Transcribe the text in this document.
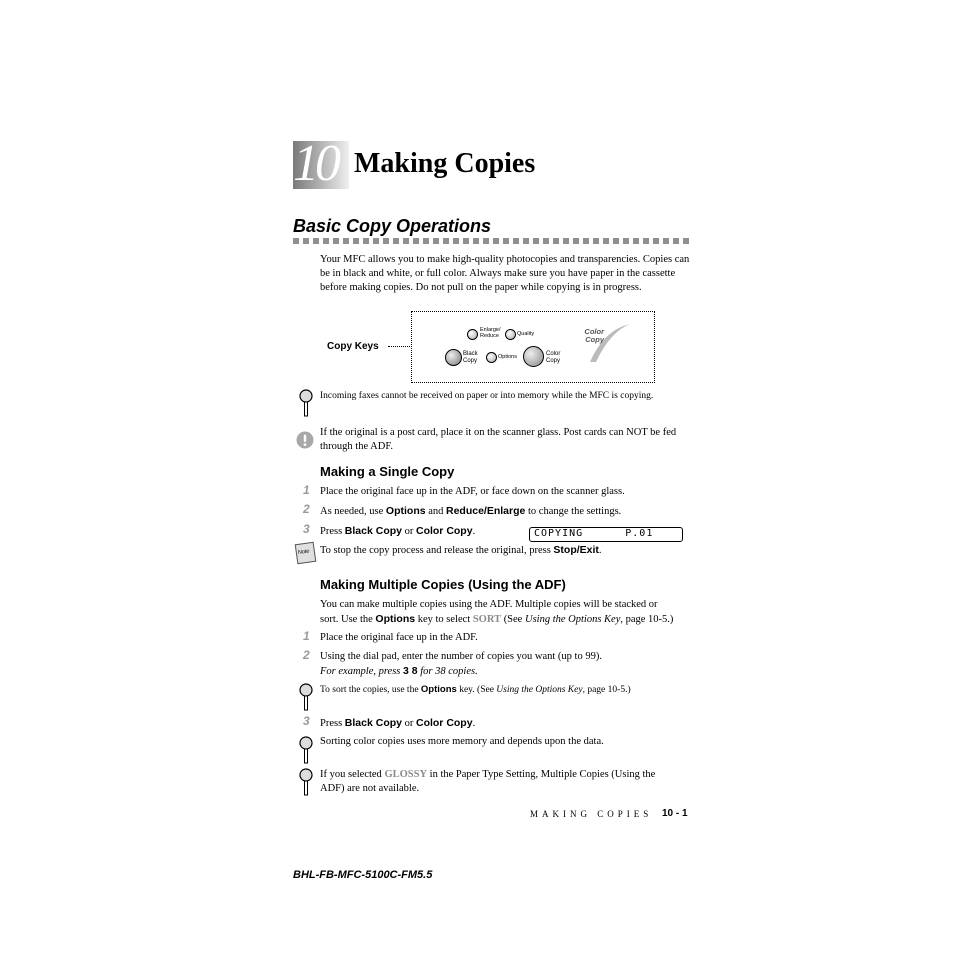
10 Making Copies
Basic Copy Operations
Your MFC allows you to make high-quality photocopies and transparencies. Copies can be in black and white, or full color. Always make sure you have paper in the cassette before making copies. Do not pull on the paper while copying is in progress.
Copy Keys
Enlarge/ Reduce	Quality
Black Copy
Options	Color Copy
Color Copy
Incoming faxes cannot be received on paper or into memory while the MFC is copying.
If the original is a post card, place it on the scanner glass. Post cards can NOT be fed through the ADF.
Making a Single Copy
1 Place the original face up in the ADF, or face down on the scanner glass.
2 As needed, use Options and Reduce/Enlarge to change the settings.
3 Press Black Copy or Color Copy.	COPYING      P.01
Note To stop the copy process and release the original, press Stop/Exit.
Making Multiple Copies (Using the ADF)
You can make multiple copies using the ADF. Multiple copies will be stacked or
sort. Use the Options key to select SORT (See Using the Options Key, page 10-5.)
1 Place the original face up in the ADF.
2 Using the dial pad, enter the number of copies you want (up to 99).
For example, press 3 8 for 38 copies.
To sort the copies, use the Options key. (See Using the Options Key, page 10-5.)
3 Press Black Copy or Color Copy.
Sorting color copies uses more memory and depends upon the data.
If you selected GLOSSY in the Paper Type Setting, Multiple Copies (Using the
ADF) are not available.
MAKING COPIES 10 - 1
BHL-FB-MFC-5100C-FM5.5
